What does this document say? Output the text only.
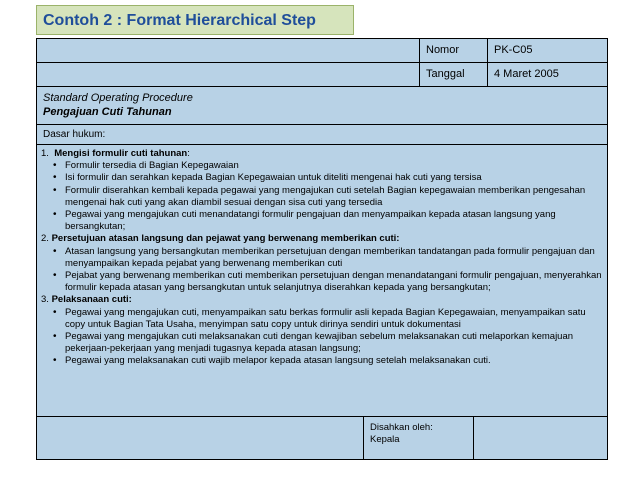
Contoh 2 : Format Hierarchical Step
Nomor	PK-C05
Tanggal	4 Maret 2005
Standard Operating Procedure
Pengajuan Cuti Tahunan
Dasar hukum:
1. Mengisi formulir cuti tahunan:
• Formulir tersedia di Bagian Kepegawaian
• Isi formulir dan serahkan kepada Bagian Kepegawaian untuk diteliti mengenai hak cuti yang tersisa
• Formulir diserahkan kembali kepada pegawai yang mengajukan cuti setelah Bagian kepegawaian memberikan pengesahan mengenai hak cuti yang akan diambil sesuai dengan sisa cuti yang tersedia
• Pegawai yang mengajukan cuti menandatangi formulir pengajuan dan menyampaikan kepada atasan langsung yang bersangkutan;
2. Persetujuan atasan langsung dan pejawat yang berwenang memberikan cuti:
• Atasan langsung yang bersangkutan memberikan persetujuan dengan memberikan tandatangan pada formulir pengajuan dan menyampaikan kepada pejabat yang berwenang memberikan cuti
• Pejabat yang berwenang memberikan cuti memberikan persetujuan dengan menandatangani formulir pengajuan, menyerahkan formulir kepada atasan yang bersangkutan untuk selanjutnya diserahkan kepada yang bersangkutan;
3. Pelaksanaan cuti:
• Pegawai yang mengajukan cuti, menyampaikan satu berkas formulir asli kepada Bagian Kepegawaian, menyampaikan satu copy untuk Bagian Tata Usaha, menyimpan satu copy untuk dirinya sendiri untuk dokumentasi
• Pegawai yang mengajukan cuti melaksanakan cuti dengan kewajiban sebelum melaksanakan cuti melaporkan kemajuan pekerjaan-pekerjaan yang menjadi tugasnya kepada atasan langsung;
• Pegawai yang melaksanakan cuti wajib melapor kepada atasan langsung setelah melaksanakan cuti.
Disahkan oleh:
Kepala
